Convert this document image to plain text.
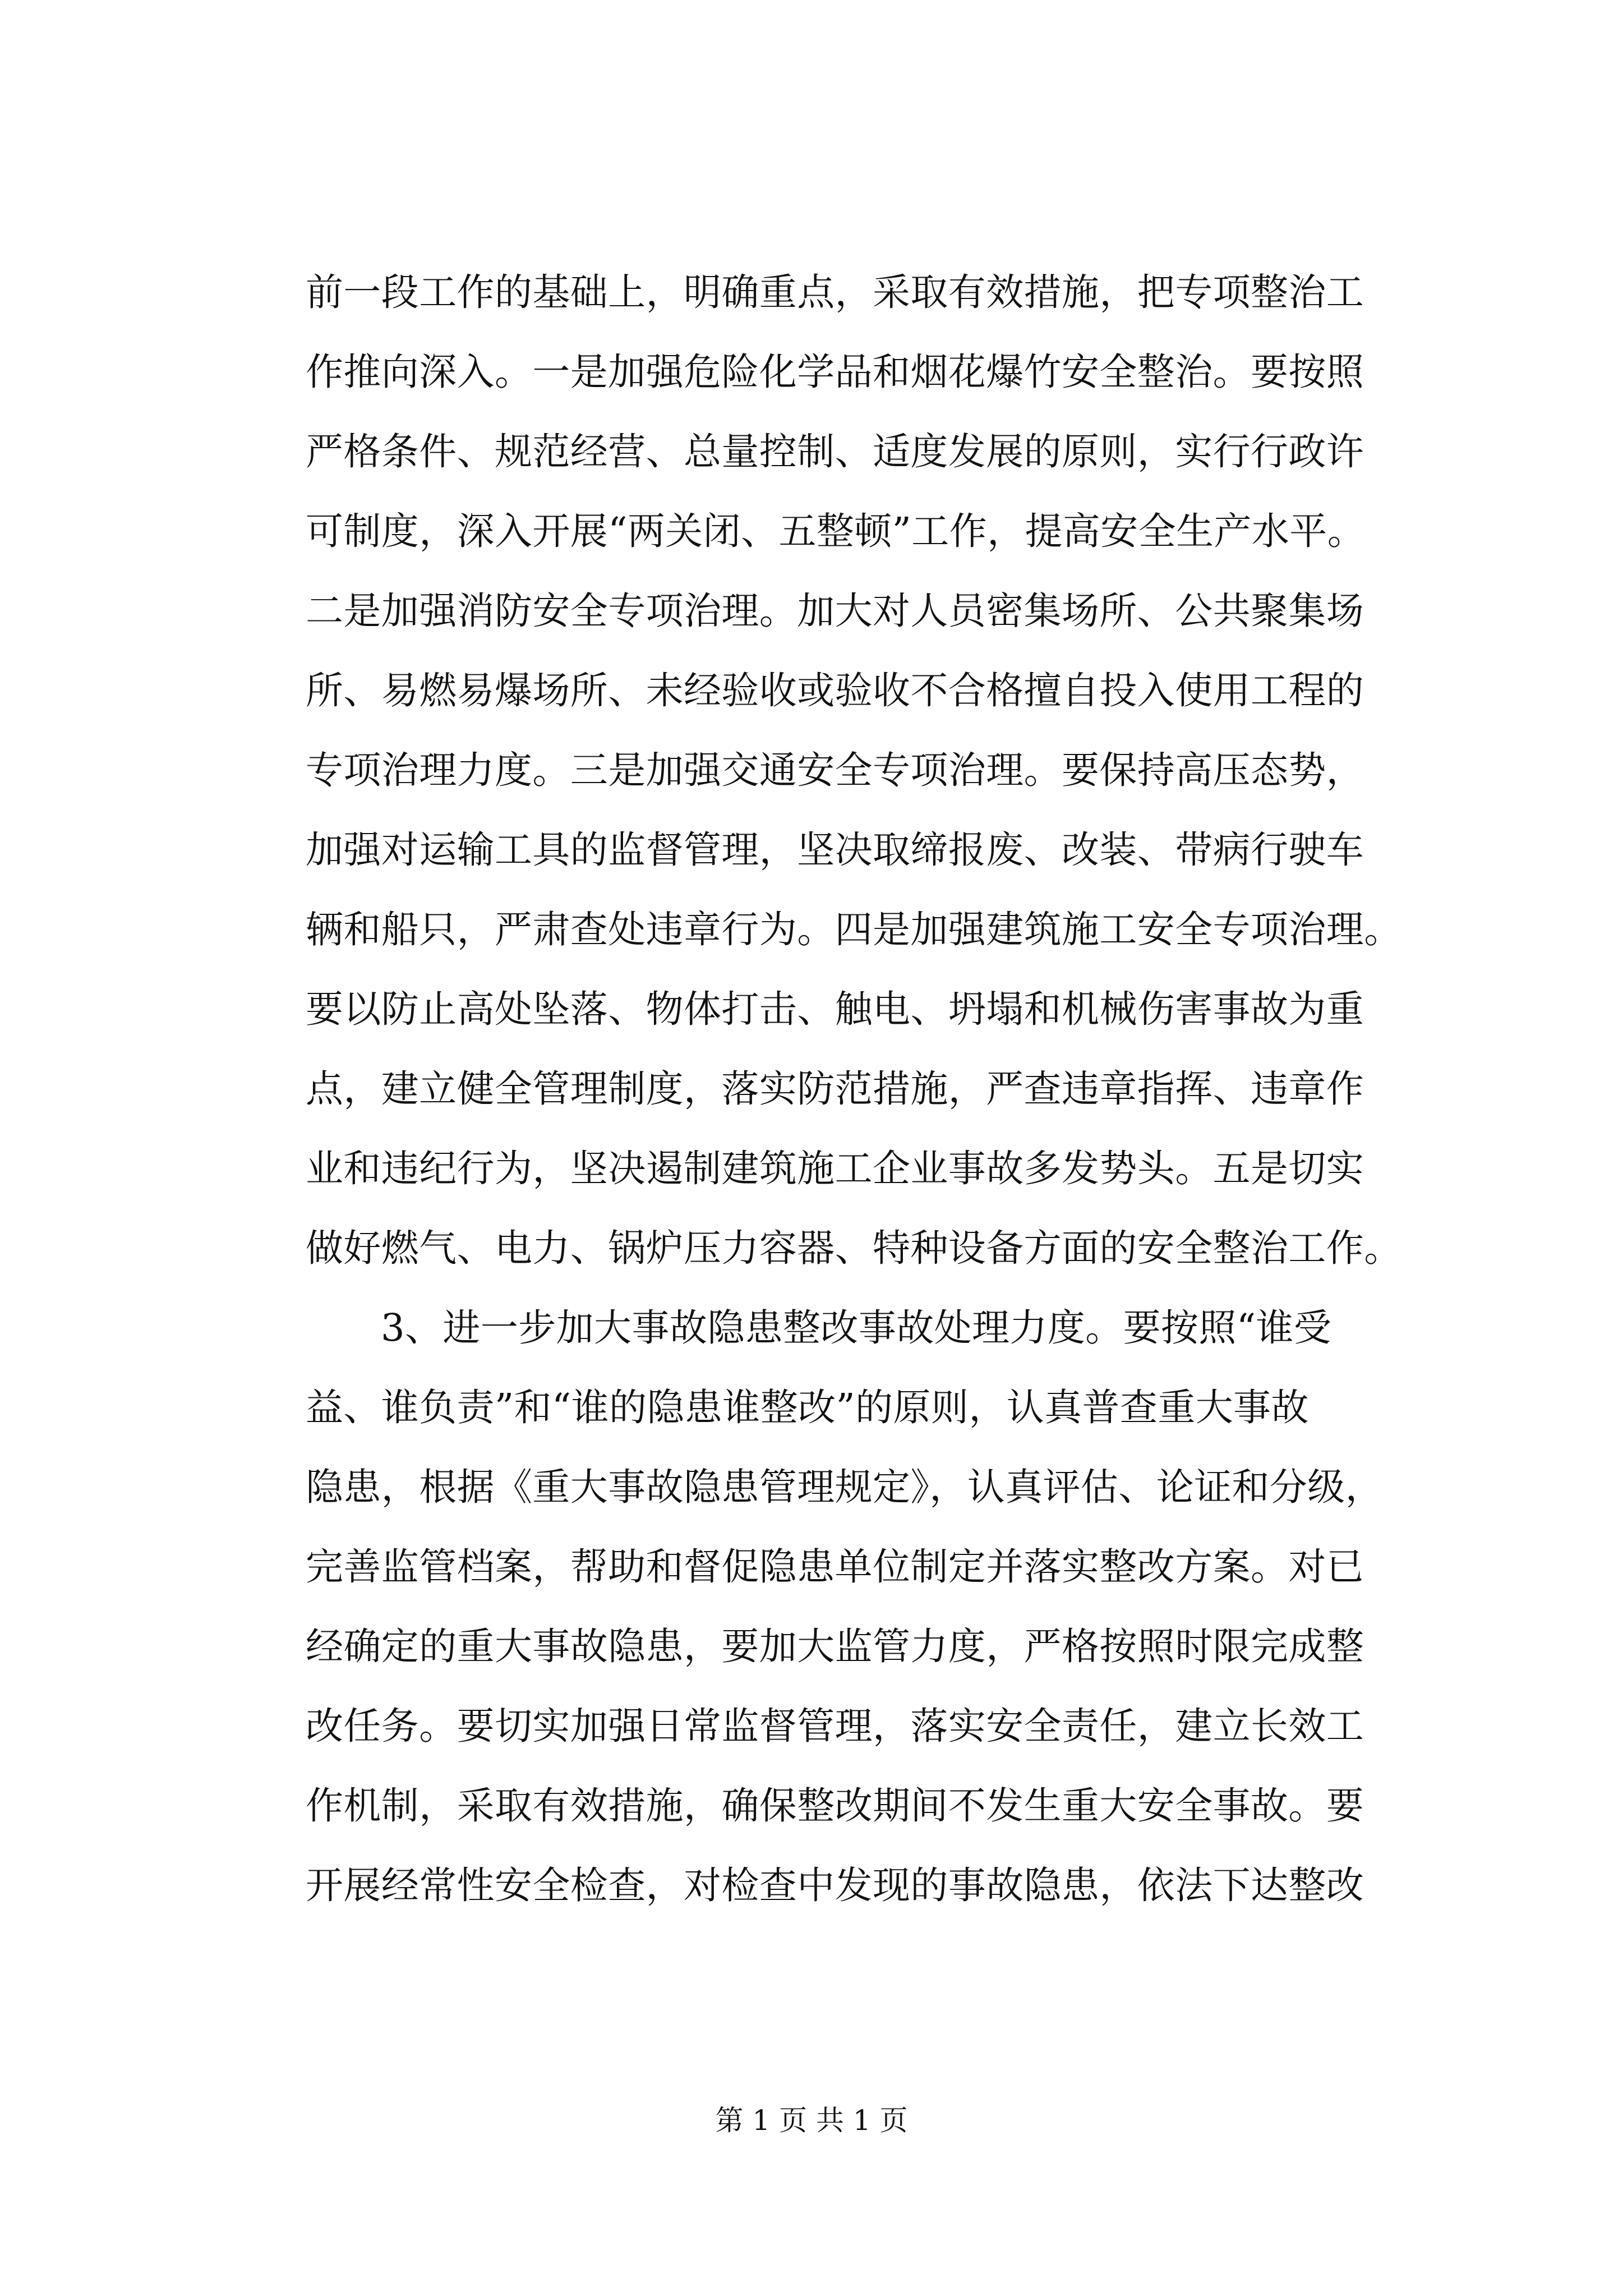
前一段工作的基础上，明确重点，采取有效措施，把专项整治工
作推向深入。一是加强危险化学品和烟花爆竹安全整治。要按照
严格条件、规范经营、总量控制、适度发展的原则，实行行政许
可制度，深入开展“两关闭、五整顿”工作，提高安全生产水平。
二是加强消防安全专项治理。加大对人员密集场所、公共聚集场
所、易燃易爆场所、未经验收或验收不合格擅自投入使用工程的
专项治理力度。三是加强交通安全专项治理。要保持高压态势，
加强对运输工具的监督管理，坚决取缔报废、改装、带病行驶车
辆和船只，严肃查处违章行为。四是加强建筑施工安全专项治理。
要以防止高处坠落、物体打击、触电、坍塌和机械伤害事故为重
点，建立健全管理制度，落实防范措施，严查违章指挥、违章作
业和违纪行为，坚决遏制建筑施工企业事故多发势头。五是切实
做好燃气、电力、锅炉压力容器、特种设备方面的安全整治工作。
3、进一步加大事故隐患整改事故处理力度。要按照“谁受
益、谁负责”和“谁的隐患谁整改”的原则，认真普查重大事故
隐患，根据《重大事故隐患管理规定》，认真评估、论证和分级，
完善监管档案，帮助和督促隐患单位制定并落实整改方案。对已
经确定的重大事故隐患，要加大监管力度，严格按照时限完成整
改任务。要切实加强日常监督管理，落实安全责任，建立长效工
作机制，采取有效措施，确保整改期间不发生重大安全事故。要
开展经常性安全检查，对检查中发现的事故隐患，依法下达整改
第 1 页 共 1 页
